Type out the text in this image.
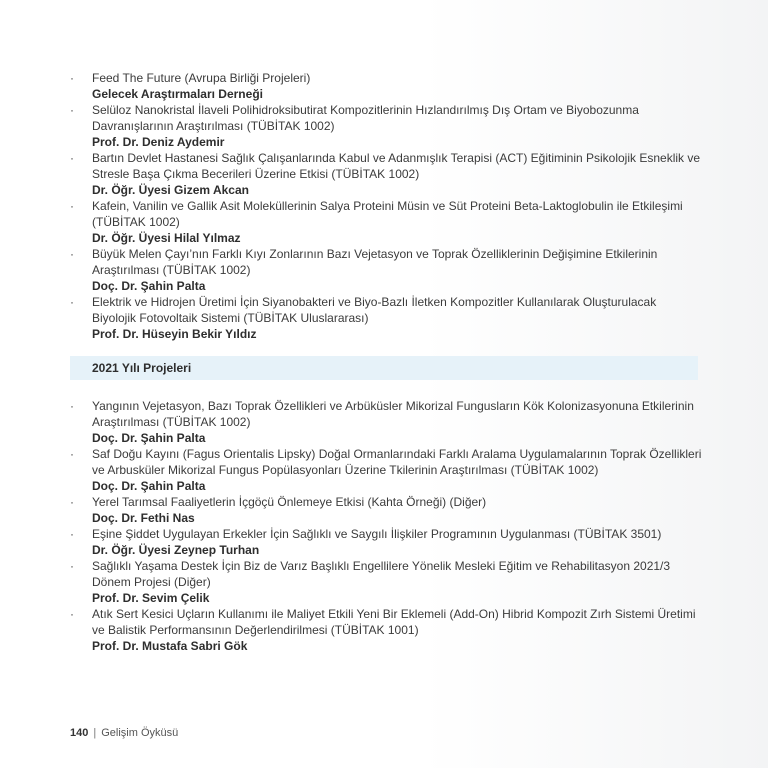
· Feed The Future (Avrupa Birliği Projeleri)
Gelecek Araştırmaları Derneği
· Selüloz Nanokristal İlaveli Polihidroksibutirat Kompozitlerinin Hızlandırılmış Dış Ortam ve Biyobozunma Davranışlarının Araştırılması (TÜBİTAK 1002)
Prof. Dr. Deniz Aydemir
· Bartın Devlet Hastanesi Sağlık Çalışanlarında Kabul ve Adanmışlık Terapisi (ACT) Eğitiminin Psikolojik Esneklik ve Stresle Başa Çıkma Becerileri Üzerine Etkisi (TÜBİTAK 1002)
Dr. Öğr. Üyesi Gizem Akcan
· Kafein, Vanilin ve Gallik Asit Moleküllerinin Salya Proteini Müsin ve Süt Proteini Beta-Laktoglobulin ile Etkileşimi (TÜBİTAK 1002)
Dr. Öğr. Üyesi Hilal Yılmaz
· Büyük Melen Çayı’nın Farklı Kıyı Zonlarının Bazı Vejetasyon ve Toprak Özelliklerinin Değişimine Etkilerinin Araştırılması (TÜBİTAK 1002)
Doç. Dr. Şahin Palta
· Elektrik ve Hidrojen Üretimi İçin Siyanobakteri ve Biyo-Bazlı İletken Kompozitler Kullanılarak Oluşturulacak Biyolojik Fotovoltaik Sistemi (TÜBİTAK Uluslararası)
Prof. Dr. Hüseyin Bekir Yıldız
2021 Yılı Projeleri
· Yangının Vejetasyon, Bazı Toprak Özellikleri ve Arbüküsler Mikorizal Fungusların Kök Kolonizasyonuna Etkilerinin Araştırılması (TÜBİTAK 1002)
Doç. Dr. Şahin Palta
· Saf Doğu Kayını (Fagus Orientalis Lipsky) Doğal Ormanlarındaki Farklı Aralama Uygulamalarının Toprak Özellikleri ve Arbusküler Mikorizal Fungus Popülasyonları Üzerine Tkilerinin Araştırılması (TÜBİTAK 1002)
Doç. Dr. Şahin Palta
· Yerel Tarımsal Faaliyetlerin İçgöçü Önlemeye Etkisi (Kahta Örneği) (Diğer)
Doç. Dr. Fethi Nas
· Eşine Şiddet Uygulayan Erkekler İçin Sağlıklı ve Saygılı İlişkiler Programının Uygulanması (TÜBİTAK 3501)
Dr. Öğr. Üyesi Zeynep Turhan
· Sağlıklı Yaşama Destek İçin Biz de Varız Başlıklı Engellilere Yönelik Mesleki Eğitim ve Rehabilitasyon 2021/3 Dönem Projesi (Diğer)
Prof. Dr. Sevim Çelik
· Atık Sert Kesici Uçların Kullanımı ile Maliyet Etkili Yeni Bir Eklemeli (Add-On) Hibrid Kompozit Zırh Sistemi Üretimi ve Balistik Performansının Değerlendirilmesi (TÜBİTAK 1001)
Prof. Dr. Mustafa Sabri Gök
140 | Gelişim Öyküsü
